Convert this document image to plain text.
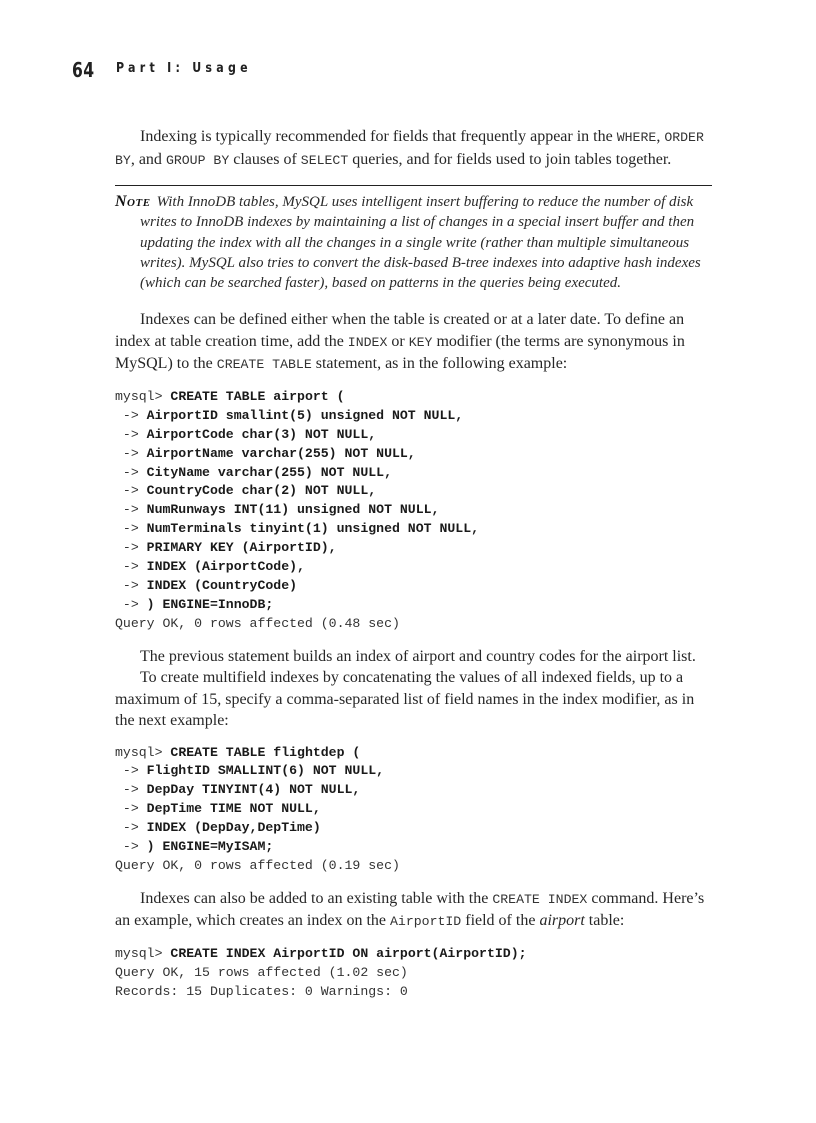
64 Part I: Usage

Indexing is typically recommended for fields that frequently appear in the WHERE, ORDER BY, and GROUP BY clauses of SELECT queries, and for fields used to join tables together.

Note With InnoDB tables, MySQL uses intelligent insert buffering to reduce the number of disk writes to InnoDB indexes by maintaining a list of changes in a special insert buffer and then updating the index with all the changes in a single write (rather than multiple simultaneous writes). MySQL also tries to convert the disk-based B-tree indexes into adaptive hash indexes (which can be searched faster), based on patterns in the queries being executed.

Indexes can be defined either when the table is created or at a later date. To define an index at table creation time, add the INDEX or KEY modifier (the terms are synonymous in MySQL) to the CREATE TABLE statement, as in the following example:

mysql> CREATE TABLE airport (
-> AirportID smallint(5) unsigned NOT NULL,
-> AirportCode char(3) NOT NULL,
-> AirportName varchar(255) NOT NULL,
-> CityName varchar(255) NOT NULL,
-> CountryCode char(2) NOT NULL,
-> NumRunways INT(11) unsigned NOT NULL,
-> NumTerminals tinyint(1) unsigned NOT NULL,
-> PRIMARY KEY (AirportID),
-> INDEX (AirportCode),
-> INDEX (CountryCode)
-> ) ENGINE=InnoDB;
Query OK, 0 rows affected (0.48 sec)

The previous statement builds an index of airport and country codes for the airport list.

To create multifield indexes by concatenating the values of all indexed fields, up to a maximum of 15, specify a comma-separated list of field names in the index modifier, as in the next example:

mysql> CREATE TABLE flightdep (
-> FlightID SMALLINT(6) NOT NULL,
-> DepDay TINYINT(4) NOT NULL,
-> DepTime TIME NOT NULL,
-> INDEX (DepDay,DepTime)
-> ) ENGINE=MyISAM;
Query OK, 0 rows affected (0.19 sec)

Indexes can also be added to an existing table with the CREATE INDEX command. Here’s an example, which creates an index on the AirportID field of the airport table:

mysql> CREATE INDEX AirportID ON airport(AirportID);
Query OK, 15 rows affected (1.02 sec)
Records: 15 Duplicates: 0 Warnings: 0
